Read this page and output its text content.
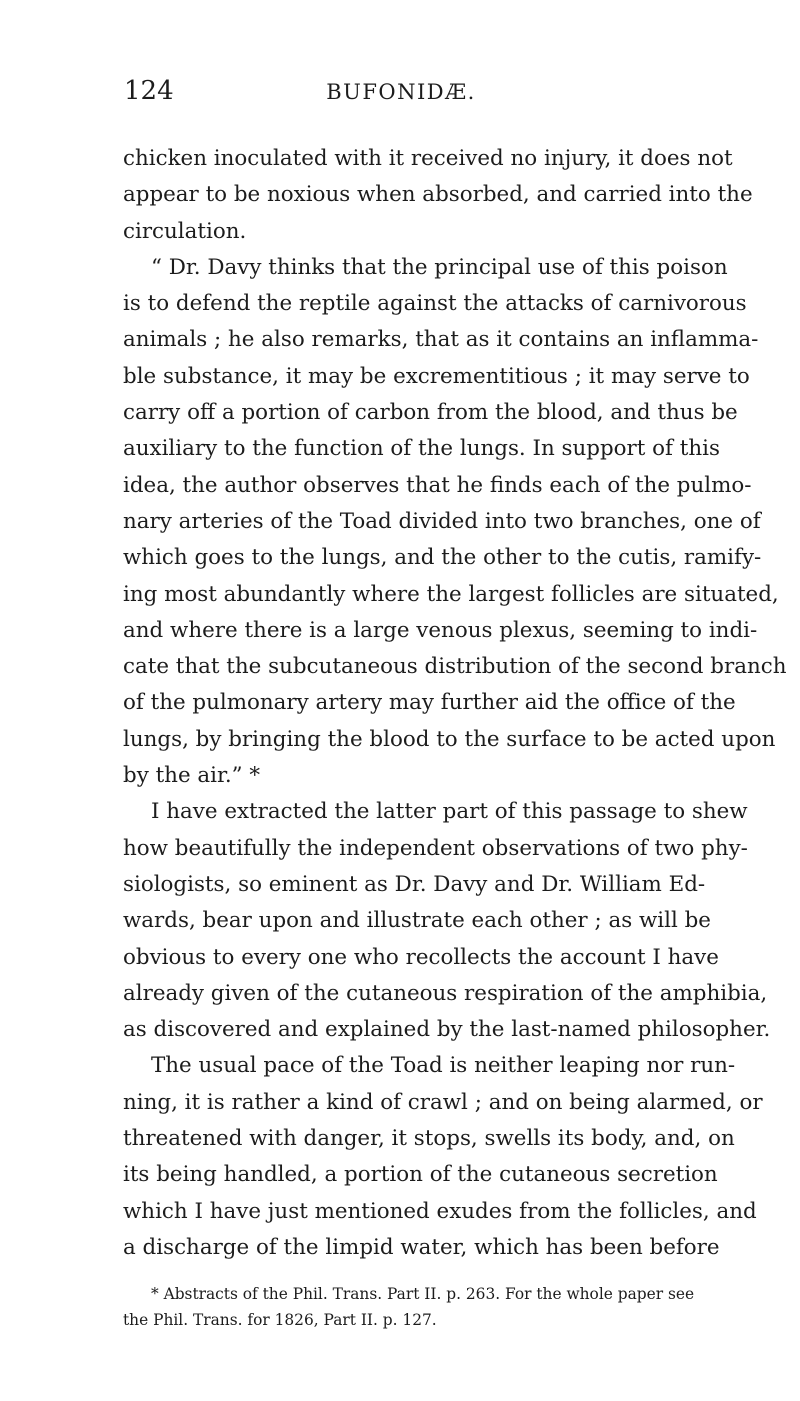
124	BUFONIDÆ.
chicken inoculated with it received no injury, it does not
appear to be noxious when absorbed, and carried into the
circulation.
“ Dr. Davy thinks that the principal use of this poison
is to defend the reptile against the attacks of carnivorous
animals ; he also remarks, that as it contains an inflamma-
ble substance, it may be excrementitious ; it may serve to
carry off a portion of carbon from the blood, and thus be
auxiliary to the function of the lungs. In support of this
idea, the author observes that he finds each of the pulmo-
nary arteries of the Toad divided into two branches, one of
which goes to the lungs, and the other to the cutis, ramify-
ing most abundantly where the largest follicles are situated,
and where there is a large venous plexus, seeming to indi-
cate that the subcutaneous distribution of the second branch
of the pulmonary artery may further aid the office of the
lungs, by bringing the blood to the surface to be acted upon
by the air.” *
I have extracted the latter part of this passage to shew
how beautifully the independent observations of two phy-
siologists, so eminent as Dr. Davy and Dr. William Ed-
wards, bear upon and illustrate each other ; as will be
obvious to every one who recollects the account I have
already given of the cutaneous respiration of the amphibia,
as discovered and explained by the last-named philosopher.
The usual pace of the Toad is neither leaping nor run-
ning, it is rather a kind of crawl ; and on being alarmed, or
threatened with danger, it stops, swells its body, and, on
its being handled, a portion of the cutaneous secretion
which I have just mentioned exudes from the follicles, and
a discharge of the limpid water, which has been before
* Abstracts of the Phil. Trans. Part II. p. 263. For the whole paper see
the Phil. Trans. for 1826, Part II. p. 127.
